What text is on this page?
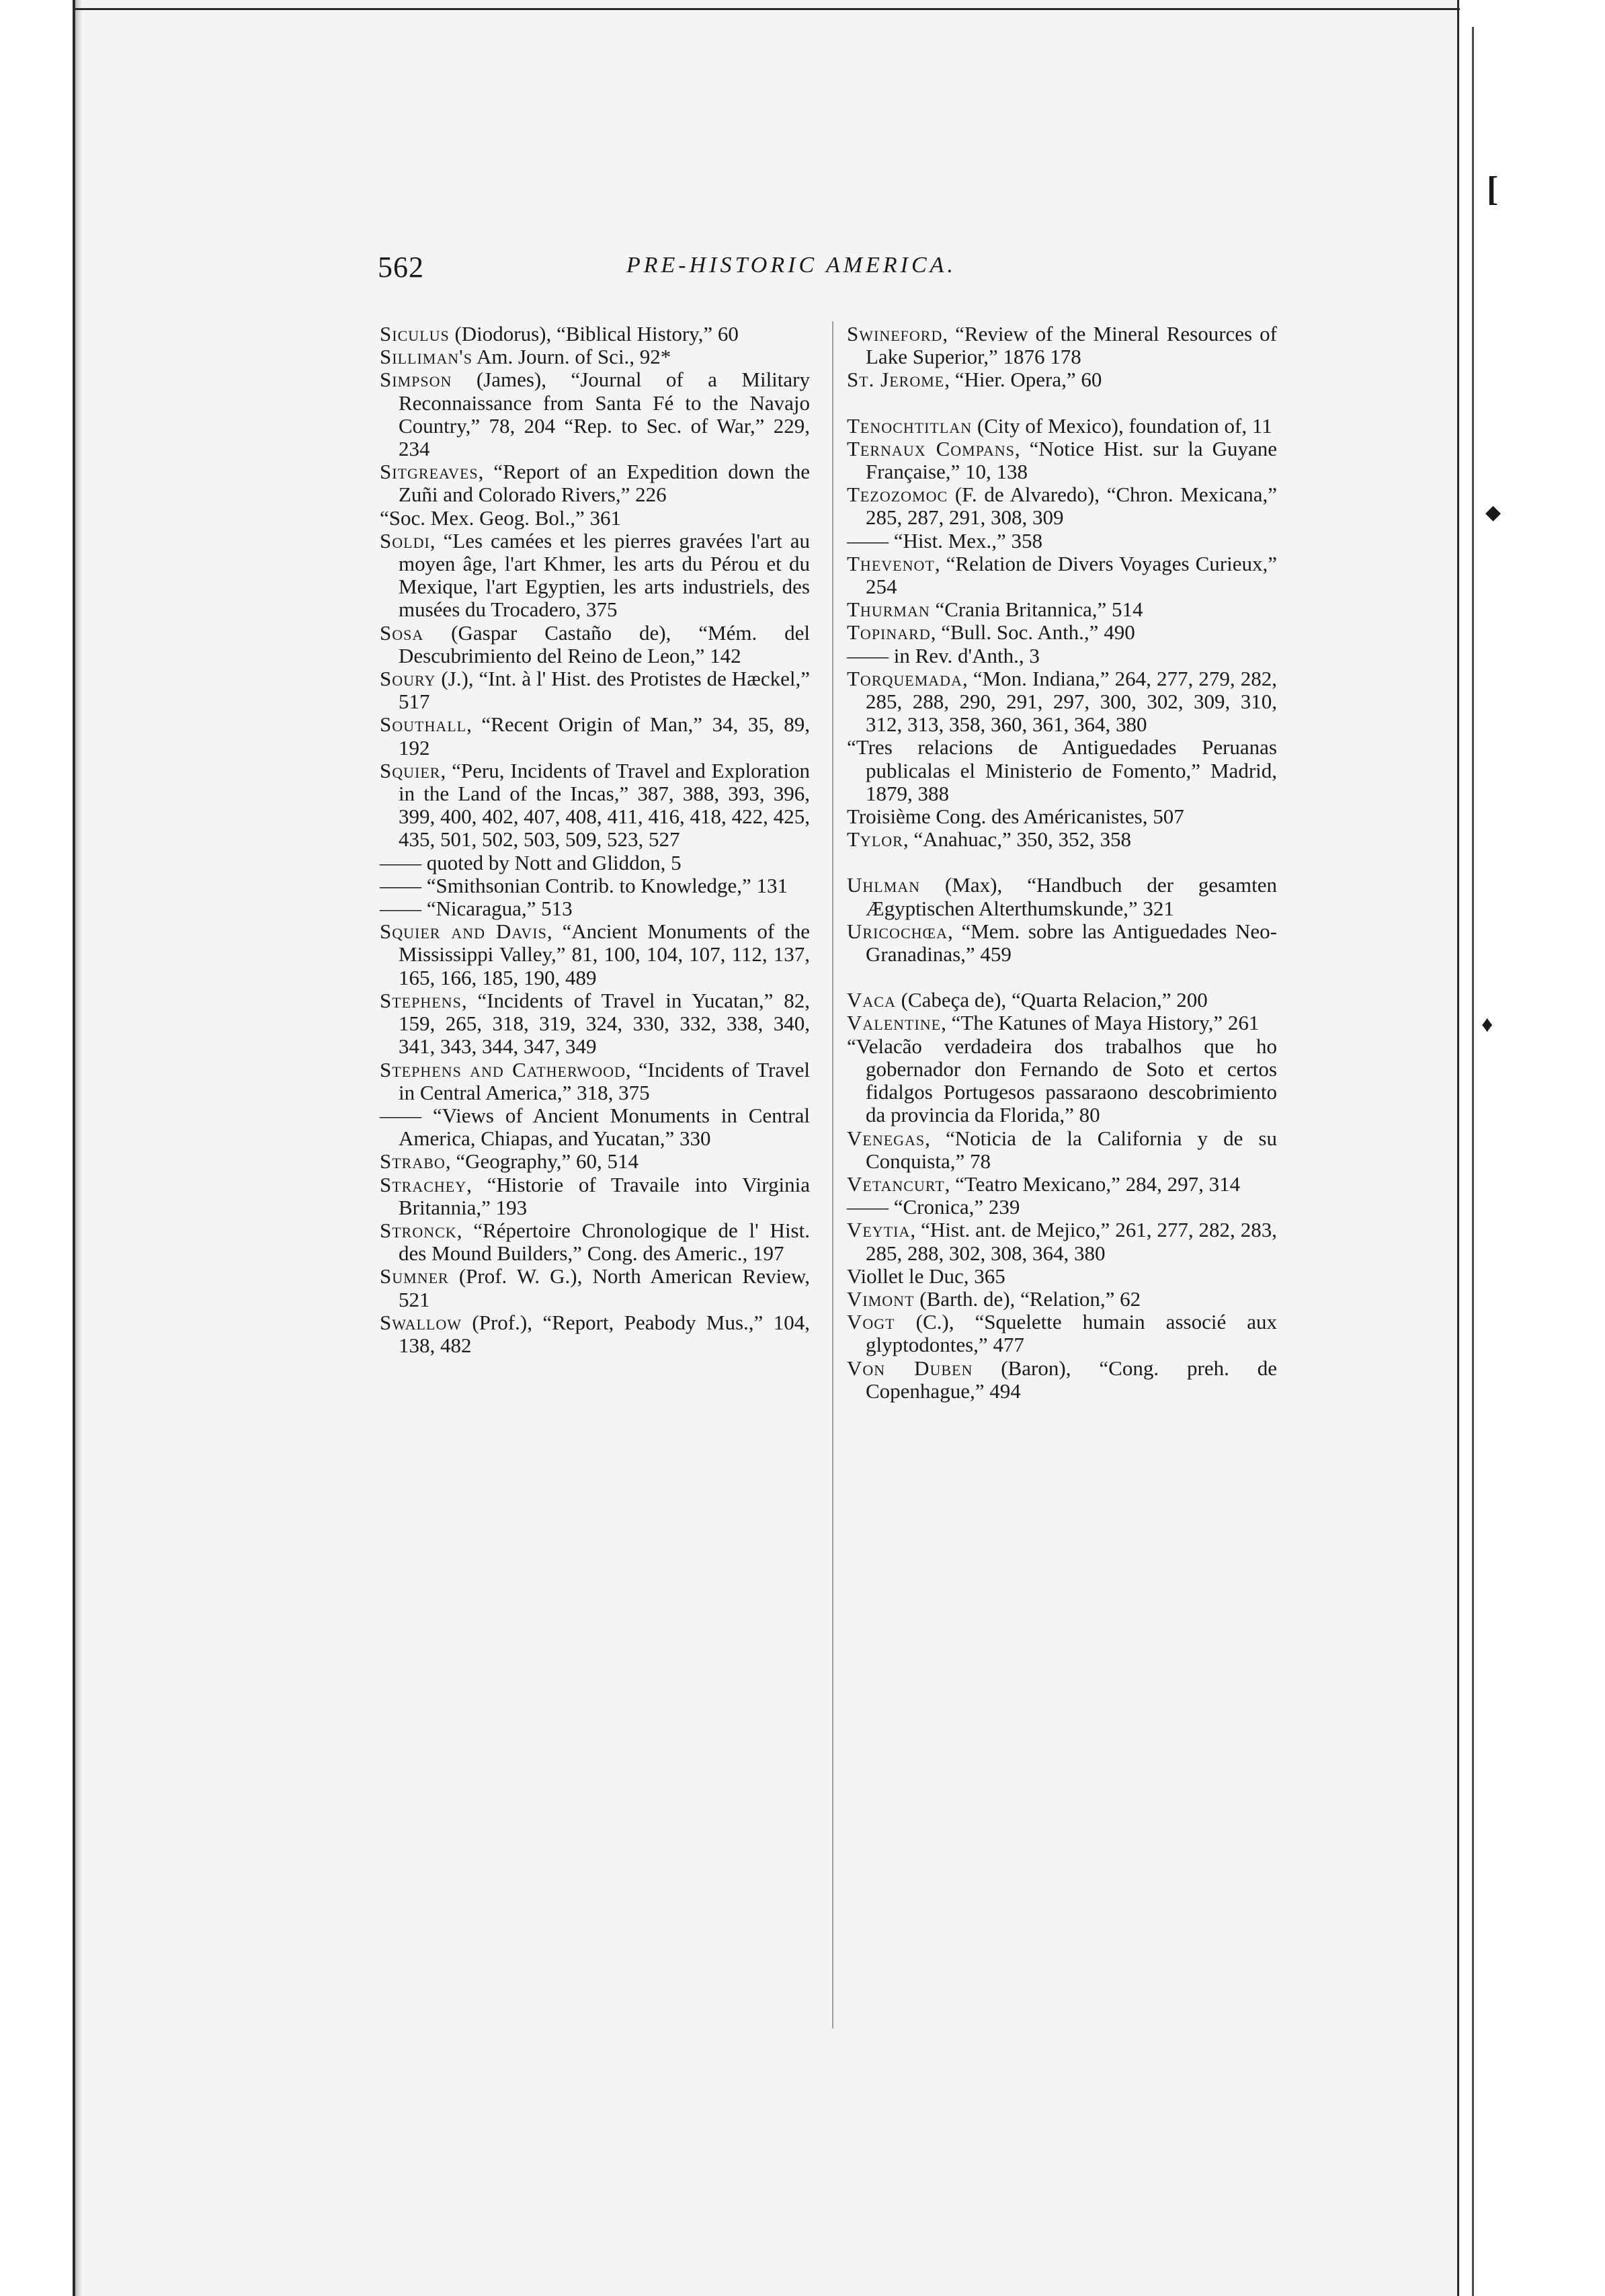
[
◆
♦
562	PRE-HISTORIC AMERICA.

Siculus (Diodorus), “Biblical History,” 60

Silliman's Am. Journ. of Sci., 92*

Simpson (James), “Journal of a Military Reconnaissance from Santa Fé to the Navajo Country,” 78, 204 “Rep. to Sec. of War,” 229, 234

Sitgreaves, “Report of an Expedition down the Zuñi and Colorado Rivers,” 226

“Soc. Mex. Geog. Bol.,” 361

Soldi, “Les camées et les pierres gravées l'art au moyen âge, l'art Khmer, les arts du Pérou et du Mexique, l'art Egyptien, les arts industriels, des musées du Trocadero, 375

Sosa (Gaspar Castaño de), “Mém. del Descubrimiento del Reino de Leon,” 142

Soury (J.), “Int. à l' Hist. des Protistes de Hæckel,” 517

Southall, “Recent Origin of Man,” 34, 35, 89, 192

Squier, “Peru, Incidents of Travel and Exploration in the Land of the Incas,” 387, 388, 393, 396, 399, 400, 402, 407, 408, 411, 416, 418, 422, 425, 435, 501, 502, 503, 509, 523, 527

—— quoted by Nott and Gliddon, 5

—— “Smithsonian Contrib. to Knowledge,” 131

—— “Nicaragua,” 513

Squier and Davis, “Ancient Monuments of the Mississippi Valley,” 81, 100, 104, 107, 112, 137, 165, 166, 185, 190, 489

Stephens, “Incidents of Travel in Yucatan,” 82, 159, 265, 318, 319, 324, 330, 332, 338, 340, 341, 343, 344, 347, 349

Stephens and Catherwood, “Incidents of Travel in Central America,” 318, 375

—— “Views of Ancient Monuments in Central America, Chiapas, and Yucatan,” 330

Strabo, “Geography,” 60, 514

Strachey, “Historie of Travaile into Virginia Britannia,” 193

Stronck, “Répertoire Chronologique de l' Hist. des Mound Builders,” Cong. des Americ., 197

Sumner (Prof. W. G.), North American Review, 521

Swallow (Prof.), “Report, Peabody Mus.,” 104, 138, 482

Swineford, “Review of the Mineral Resources of Lake Superior,” 1876 178

St. Jerome, “Hier. Opera,” 60

Tenochtitlan (City of Mexico), foundation of, 11

Ternaux Compans, “Notice Hist. sur la Guyane Française,” 10, 138

Tezozomoc (F. de Alvaredo), “Chron. Mexicana,” 285, 287, 291, 308, 309

—— “Hist. Mex.,” 358

Thevenot, “Relation de Divers Voyages Curieux,” 254

Thurman “Crania Britannica,” 514

Topinard, “Bull. Soc. Anth.,” 490

—— in Rev. d'Anth., 3

Torquemada, “Mon. Indiana,” 264, 277, 279, 282, 285, 288, 290, 291, 297, 300, 302, 309, 310, 312, 313, 358, 360, 361, 364, 380

“Tres relacions de Antiguedades Peruanas publicalas el Ministerio de Fomento,” Madrid, 1879, 388

Troisième Cong. des Américanistes, 507

Tylor, “Anahuac,” 350, 352, 358

Uhlman (Max), “Handbuch der gesamten Ægyptischen Alterthumskunde,” 321

Uricochœa, “Mem. sobre las Antiguedades Neo-Granadinas,” 459

Vaca (Cabeça de), “Quarta Relacion,” 200

Valentine, “The Katunes of Maya History,” 261

“Velacão verdadeira dos trabalhos que ho gobernador don Fernando de Soto et certos fidalgos Portugesos passaraono descobrimiento da provincia da Florida,” 80

Venegas, “Noticia de la California y de su Conquista,” 78

Vetancurt, “Teatro Mexicano,” 284, 297, 314

—— “Cronica,” 239

Veytia, “Hist. ant. de Mejico,” 261, 277, 282, 283, 285, 288, 302, 308, 364, 380

Viollet le Duc, 365

Vimont (Barth. de), “Relation,” 62

Vogt (C.), “Squelette humain associé aux glyptodontes,” 477

Von Duben (Baron), “Cong. preh. de Copenhague,” 494
